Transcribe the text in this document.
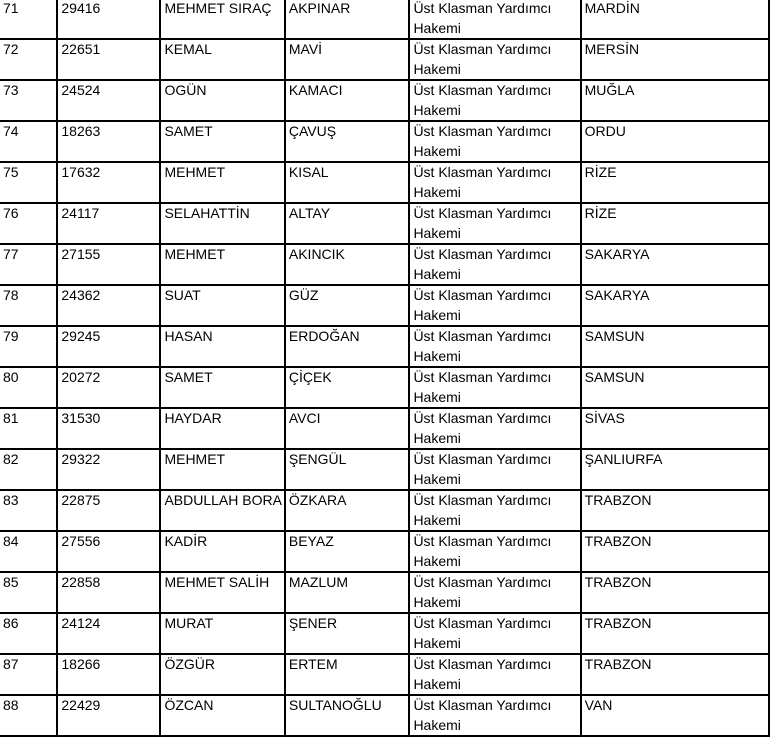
71	29416	MEHMET SIRAÇ	AKPINAR	Üst Klasman Yardımcı Hakemi	MARDİN
72	22651	KEMAL	MAVİ	Üst Klasman Yardımcı Hakemi	MERSİN
73	24524	OGÜN	KAMACI	Üst Klasman Yardımcı Hakemi	MUĞLA
74	18263	SAMET	ÇAVUŞ	Üst Klasman Yardımcı Hakemi	ORDU
75	17632	MEHMET	KISAL	Üst Klasman Yardımcı Hakemi	RİZE
76	24117	SELAHATTİN	ALTAY	Üst Klasman Yardımcı Hakemi	RİZE
77	27155	MEHMET	AKINCIK	Üst Klasman Yardımcı Hakemi	SAKARYA
78	24362	SUAT	GÜZ	Üst Klasman Yardımcı Hakemi	SAKARYA
79	29245	HASAN	ERDOĞAN	Üst Klasman Yardımcı Hakemi	SAMSUN
80	20272	SAMET	ÇİÇEK	Üst Klasman Yardımcı Hakemi	SAMSUN
81	31530	HAYDAR	AVCI	Üst Klasman Yardımcı Hakemi	SİVAS
82	29322	MEHMET	ŞENGÜL	Üst Klasman Yardımcı Hakemi	ŞANLIURFA
83	22875	ABDULLAH BORA	ÖZKARA	Üst Klasman Yardımcı Hakemi	TRABZON
84	27556	KADİR	BEYAZ	Üst Klasman Yardımcı Hakemi	TRABZON
85	22858	MEHMET SALİH	MAZLUM	Üst Klasman Yardımcı Hakemi	TRABZON
86	24124	MURAT	ŞENER	Üst Klasman Yardımcı Hakemi	TRABZON
87	18266	ÖZGÜR	ERTEM	Üst Klasman Yardımcı Hakemi	TRABZON
88	22429	ÖZCAN	SULTANOĞLU	Üst Klasman Yardımcı Hakemi	VAN
